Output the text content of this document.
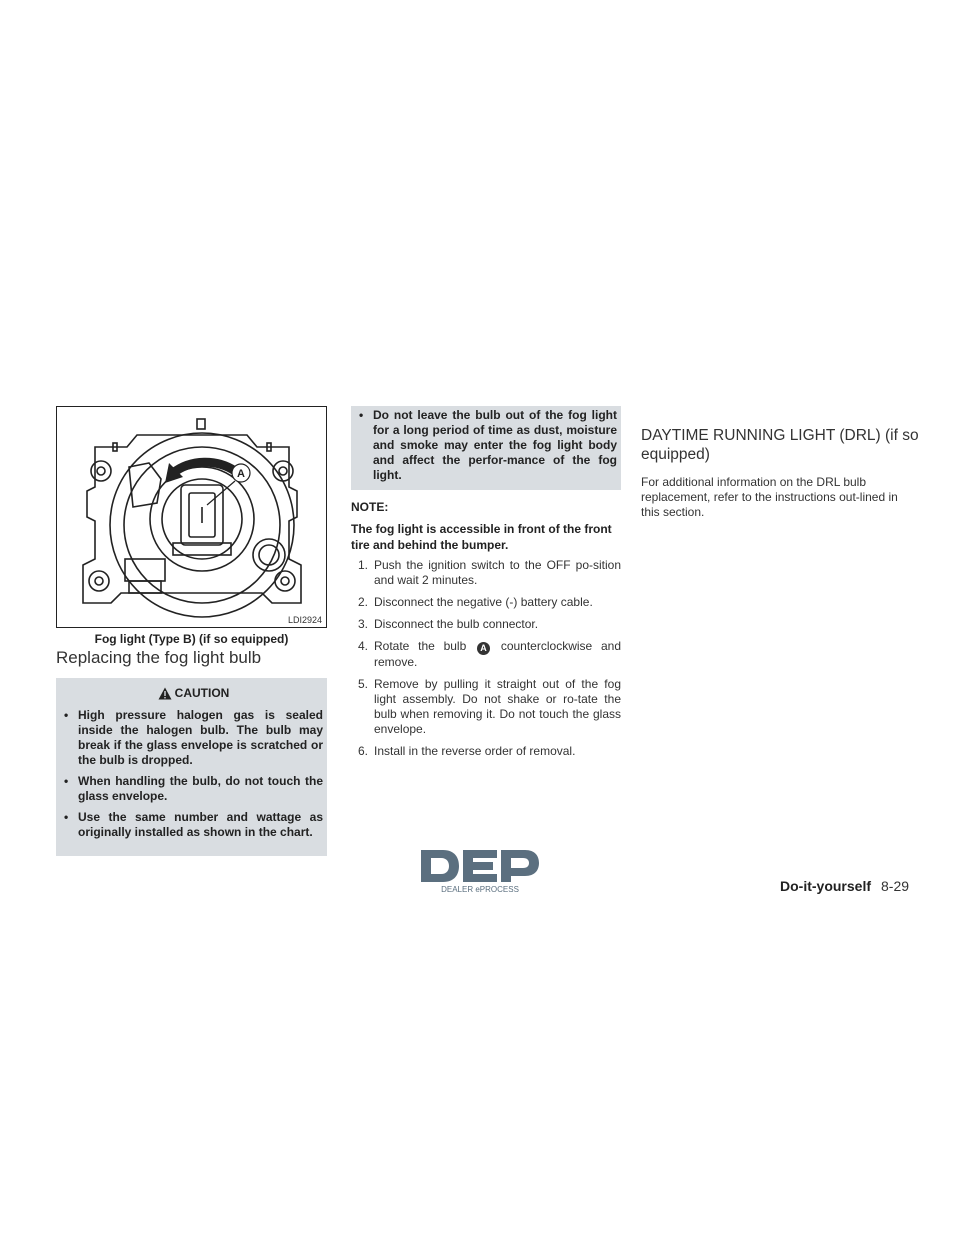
A
LDI2924
Fog light (Type B) (if so equipped)
Replacing the fog light bulb
CAUTION
• High pressure halogen gas is sealed inside the halogen bulb. The bulb may break if the glass envelope is scratched or the bulb is dropped.
• When handling the bulb, do not touch the glass envelope.
• Use the same number and wattage as originally installed as shown in the chart.
• Do not leave the bulb out of the fog light for a long period of time as dust, moisture and smoke may enter the fog light body and affect the perfor-mance of the fog light.
NOTE:
The fog light is accessible in front of the front tire and behind the bumper.
1. Push the ignition switch to the OFF po-sition and wait 2 minutes.
2. Disconnect the negative (-) battery cable.
3. Disconnect the bulb connector.
4. Rotate the bulb A counterclockwise and remove.
5. Remove by pulling it straight out of the fog light assembly. Do not shake or ro-tate the bulb when removing it. Do not touch the glass envelope.
6. Install in the reverse order of removal.
DAYTIME RUNNING LIGHT (DRL) (if so equipped)
For additional information on the DRL bulb replacement, refer to the instructions out-lined in this section.
DEALER ePROCESS	Do-it-yourself 8-29
